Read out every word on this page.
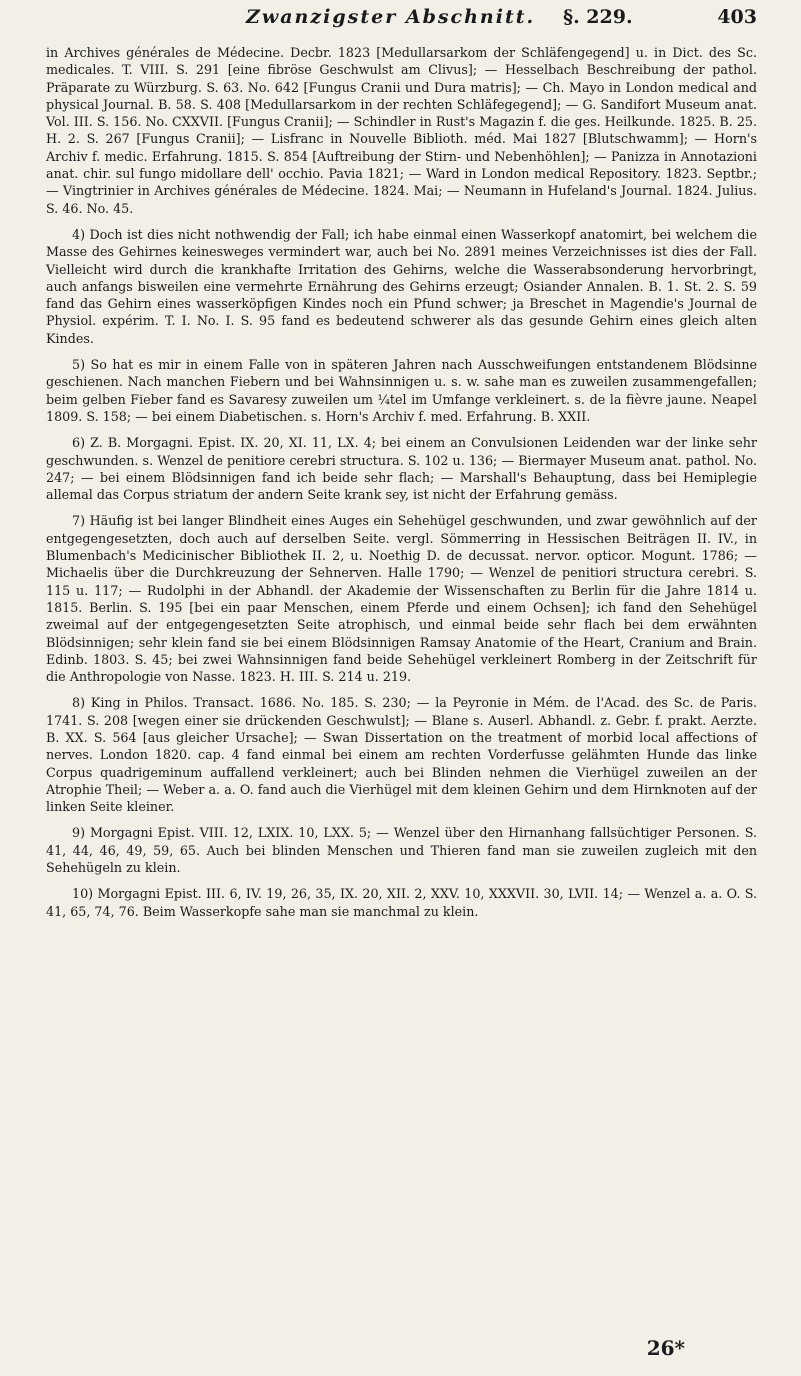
Zwanzigster Abschnitt. §. 229.	403

in Archives générales de Médecine. Decbr. 1823 [Medullarsarkom der Schläfengegend] u. in Dict. des Sc. medicales. T. VIII. S. 291 [eine fibröse Geschwulst am Clivus]; — Hesselbach Beschreibung der pathol. Präparate zu Würzburg. S. 63. No. 642 [Fungus Cranii und Dura matris]; — Ch. Mayo in London medical and physical Journal. B. 58. S. 408 [Medullarsarkom in der rechten Schläfegegend]; — G. Sandifort Museum anat. Vol. III. S. 156. No. CXXVII. [Fungus Cranii]; — Schindler in Rust's Magazin f. die ges. Heilkunde. 1825. B. 25. H. 2. S. 267 [Fungus Cranii]; — Lisfranc in Nouvelle Biblioth. méd. Mai 1827 [Blutschwamm]; — Horn's Archiv f. medic. Erfahrung. 1815. S. 854 [Auftreibung der Stirn- und Nebenhöhlen]; — Panizza in Annotazioni anat. chir. sul fungo midollare dell' occhio. Pavia 1821; — Ward in London medical Repository. 1823. Septbr.; — Vingtrinier in Archives générales de Médecine. 1824. Mai; — Neumann in Hufeland's Journal. 1824. Julius. S. 46. No. 45.

4) Doch ist dies nicht nothwendig der Fall; ich habe einmal einen Wasserkopf anatomirt, bei welchem die Masse des Gehirnes keinesweges vermindert war, auch bei No. 2891 meines Verzeichnisses ist dies der Fall. Vielleicht wird durch die krankhafte Irritation des Gehirns, welche die Wasserabsonderung hervorbringt, auch anfangs bisweilen eine vermehrte Ernährung des Gehirns erzeugt; Osiander Annalen. B. 1. St. 2. S. 59 fand das Gehirn eines wasserköpfigen Kindes noch ein Pfund schwer; ja Breschet in Magendie's Journal de Physiol. expérim. T. I. No. I. S. 95 fand es bedeutend schwerer als das gesunde Gehirn eines gleich alten Kindes.

5) So hat es mir in einem Falle von in späteren Jahren nach Ausschweifungen entstandenem Blödsinne geschienen. Nach manchen Fiebern und bei Wahnsinnigen u. s. w. sahe man es zuweilen zusammengefallen; beim gelben Fieber fand es Savaresy zuweilen um ¼tel im Umfange verkleinert. s. de la fièvre jaune. Neapel 1809. S. 158; — bei einem Diabetischen. s. Horn's Archiv f. med. Erfahrung. B. XXII.

6) Z. B. Morgagni. Epist. IX. 20, XI. 11, LX. 4; bei einem an Convulsionen Leidenden war der linke sehr geschwunden. s. Wenzel de penitiore cerebri structura. S. 102 u. 136; — Biermayer Museum anat. pathol. No. 247; — bei einem Blödsinnigen fand ich beide sehr flach; — Marshall's Behauptung, dass bei Hemiplegie allemal das Corpus striatum der andern Seite krank sey, ist nicht der Erfahrung gemäss.

7) Häufig ist bei langer Blindheit eines Auges ein Sehehügel geschwunden, und zwar gewöhnlich auf der entgegengesetzten, doch auch auf derselben Seite. vergl. Sömmerring in Hessischen Beiträgen II. IV., in Blumenbach's Medicinischer Bibliothek II. 2, u. Noethig D. de decussat. nervor. opticor. Mogunt. 1786; — Michaelis über die Durchkreuzung der Sehnerven. Halle 1790; — Wenzel de penitiori structura cerebri. S. 115 u. 117; — Rudolphi in der Abhandl. der Akademie der Wissenschaften zu Berlin für die Jahre 1814 u. 1815. Berlin. S. 195 [bei ein paar Menschen, einem Pferde und einem Ochsen]; ich fand den Sehehügel zweimal auf der entgegengesetzten Seite atrophisch, und einmal beide sehr flach bei dem erwähnten Blödsinnigen; sehr klein fand sie bei einem Blödsinnigen Ramsay Anatomie of the Heart, Cranium and Brain. Edinb. 1803. S. 45; bei zwei Wahnsinnigen fand beide Sehehügel verkleinert Romberg in der Zeitschrift für die Anthropologie von Nasse. 1823. H. III. S. 214 u. 219.

8) King in Philos. Transact. 1686. No. 185. S. 230; — la Peyronie in Mém. de l'Acad. des Sc. de Paris. 1741. S. 208 [wegen einer sie drückenden Geschwulst]; — Blane s. Auserl. Abhandl. z. Gebr. f. prakt. Aerzte. B. XX. S. 564 [aus gleicher Ursache]; — Swan Dissertation on the treatment of morbid local affections of nerves. London 1820. cap. 4 fand einmal bei einem am rechten Vorderfusse gelähmten Hunde das linke Corpus quadrigeminum auffallend verkleinert; auch bei Blinden nehmen die Vierhügel zuweilen an der Atrophie Theil; — Weber a. a. O. fand auch die Vierhügel mit dem kleinen Gehirn und dem Hirnknoten auf der linken Seite kleiner.

9) Morgagni Epist. VIII. 12, LXIX. 10, LXX. 5; — Wenzel über den Hirnanhang fallsüchtiger Personen. S. 41, 44, 46, 49, 59, 65. Auch bei blinden Menschen und Thieren fand man sie zuweilen zugleich mit den Sehehügeln zu klein.

10) Morgagni Epist. III. 6, IV. 19, 26, 35, IX. 20, XII. 2, XXV. 10, XXXVII. 30, LVII. 14; — Wenzel a. a. O. S. 41, 65, 74, 76. Beim Wasserkopfe sahe man sie manchmal zu klein.

26*
